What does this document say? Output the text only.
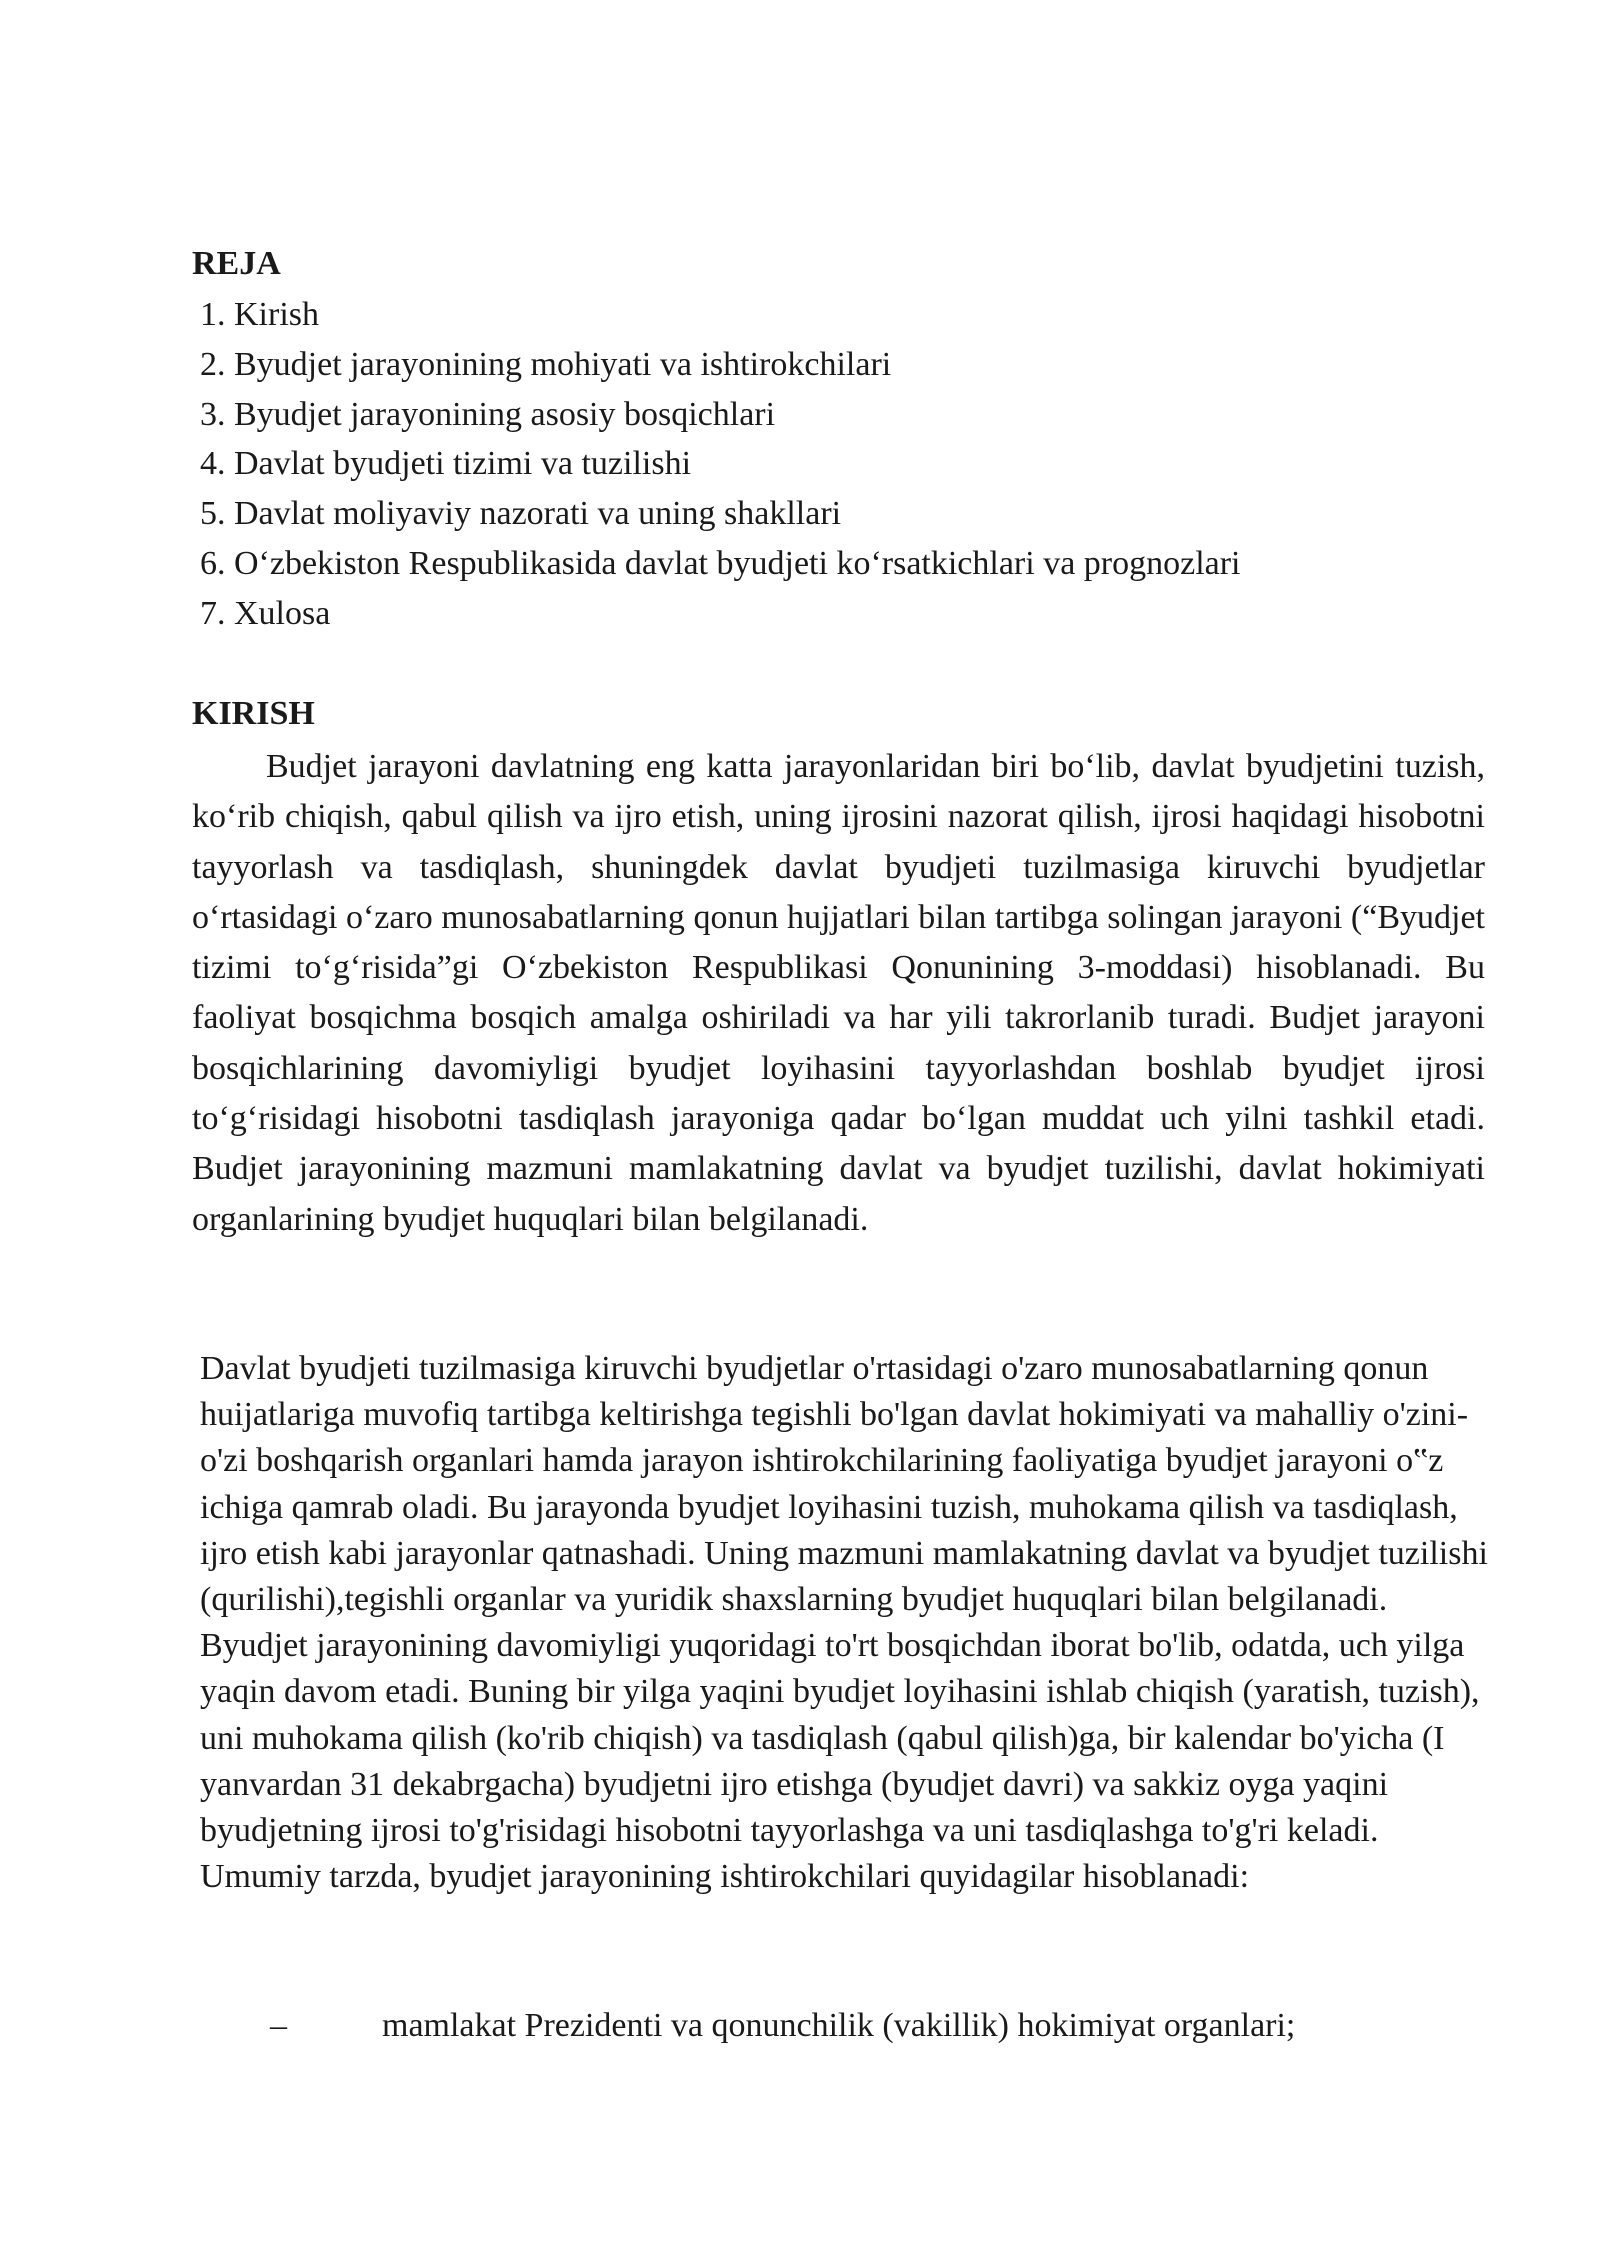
REJA
1. Kirish
2. Byudjet jarayonining mohiyati va ishtirokchilari
3. Byudjet jarayonining asosiy bosqichlari
4. Davlat byudjeti tizimi va tuzilishi
5. Davlat moliyaviy nazorati va uning shakllari
6. O‘zbekiston Respublikasida davlat byudjeti ko‘rsatkichlari va prognozlari
7. Xulosa
KIRISH

Budjet jarayoni davlatning eng katta jarayonlaridan biri bo‘lib, davlat byudjetini tuzish, ko‘rib chiqish, qabul qilish va ijro etish, uning ijrosini nazorat qilish, ijrosi haqidagi hisobotni tayyorlash va tasdiqlash, shuningdek davlat byudjeti tuzilmasiga kiruvchi byudjetlar o‘rtasidagi o‘zaro munosabatlarning qonun hujjatlari bilan tartibga solingan jarayoni (“Byudjet tizimi to‘g‘risida”gi O‘zbekiston Respublikasi Qonunining 3-moddasi) hisoblanadi. Bu faoliyat bosqichma bosqich amalga oshiriladi va har yili takrorlanib turadi. Budjet jarayoni bosqichlarining davomiyligi byudjet loyihasini tayyorlashdan boshlab byudjet ijrosi to‘g‘risidagi hisobotni tasdiqlash jarayoniga qadar bo‘lgan muddat uch yilni tashkil etadi. Budjet jarayonining mazmuni mamlakatning davlat va byudjet tuzilishi, davlat hokimiyati organlarining byudjet huquqlari bilan belgilanadi.

Davlat byudjeti tuzilmasiga kiruvchi byudjetlar o'rtasidagi o'zaro munosabatlarning qonun huijatlariga muvofiq tartibga keltirishga tegishli bo'lgan davlat hokimiyati va mahalliy o'zini-o'zi boshqarish organlari hamda jarayon ishtirokchilarining faoliyatiga byudjet jarayoni o‟z ichiga qamrab oladi. Bu jarayonda byudjet loyihasini tuzish, muhokama qilish va tasdiqlash, ijro etish kabi jarayonlar qatnashadi. Uning mazmuni mamlakatning davlat va byudjet tuzilishi (qurilishi),tegishli organlar va yuridik shaxslarning byudjet huquqlari bilan belgilanadi. Byudjet jarayonining davomiyligi yuqoridagi to'rt bosqichdan iborat bo'lib, odatda, uch yilga yaqin davom etadi. Buning bir yilga yaqini byudjet loyihasini ishlab chiqish (yaratish, tuzish), uni muhokama qilish (ko'rib chiqish) va tasdiqlash (qabul qilish)ga, bir kalendar bo'yicha (I yanvardan 31 dekabrgacha) byudjetni ijro etishga (byudjet davri) va sakkiz oyga yaqini byudjetning ijrosi to'g'risidagi hisobotni tayyorlashga va uni tasdiqlashga to'g'ri keladi. Umumiy tarzda, byudjet jarayonining ishtirokchilari quyidagilar hisoblanadi:

–	mamlakat Prezidenti va qonunchilik (vakillik) hokimiyat organlari;
